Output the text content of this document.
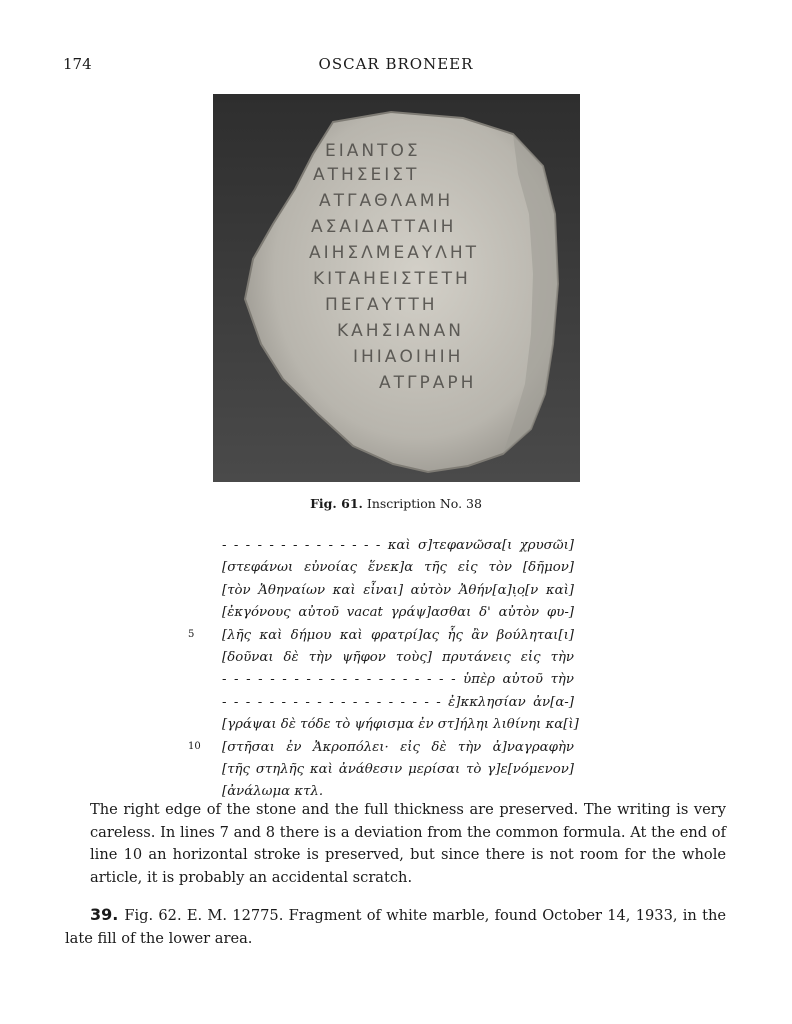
174	OSCAR BRONEER
ΕΙΑΝΤΟΣ
ΑΤΗΣΕΙΣΤ
ΑΤΓΑΘΛΑΜΗ
ΑΣΑΙΔΑΤΤΑΙΗ
ΑΙΗΣΛΜΕΑΥΛΗΤ
ΚΙΤΑΗΕΙΣΤΕΤΗ
ΠΕΓΑΥΤΤΗ
ΚΑΗΣΙΑΝΑΝ
ΙΗΙΑΟΙΗΙΗ
ΑΤΓΡΑΡΗ
Fig. 61. Inscription No. 38
5
10
- - - - - - - - - - - - - - καὶ σ]τεφανῶσα[ι χρυσῶι]
[στεφάνωι εὐνοίας ἕνεκ]α τῆς εἰς τὸν [δῆμον]
[τὸν Ἀθηναίων καὶ εἶναι] αὐτὸν Ἀθήν[α]ι̣ο̣[ν καὶ]
[ἐκγόνους αὐτοῦ vacat γράψ]ασθαι δ' αὐτὸν φυ-]
[λῆς καὶ δήμου καὶ φρατρί]ας ἧς ἂν βούληται[ι]
[δοῦναι δὲ τὴν ψῆφον τοὺς] πρυτάνεις εἰς τὴν
- - - - - - - - - - - - - - - - - - - - ὑπὲρ αὐτοῦ τὴν
- - - - - - - - - - - - - - - - - - - ἐ]κκλησίαν ἀν[α-]
[γράψαι δὲ τόδε τὸ ψήφισμα ἐν στ]ήληι λιθίνηι κα[ὶ]
[στῆσαι ἐν Ἀκροπόλει· εἰς δὲ τὴν ἀ]ναγραφὴν
[τῆς στηλῆς καὶ ἀνάθεσιν μερίσαι τὸ γ]ε[νόμενον]
[ἀνάλωμα κτλ.

The right edge of the stone and the full thickness are preserved. The writing is very careless. In lines 7 and 8 there is a deviation from the common formula. At the end of line 10 an horizontal stroke is preserved, but since there is not room for the whole article, it is probably an accidental scratch.

39. Fig. 62. E. M. 12775. Fragment of white marble, found October 14, 1933, in the late fill of the lower area.
